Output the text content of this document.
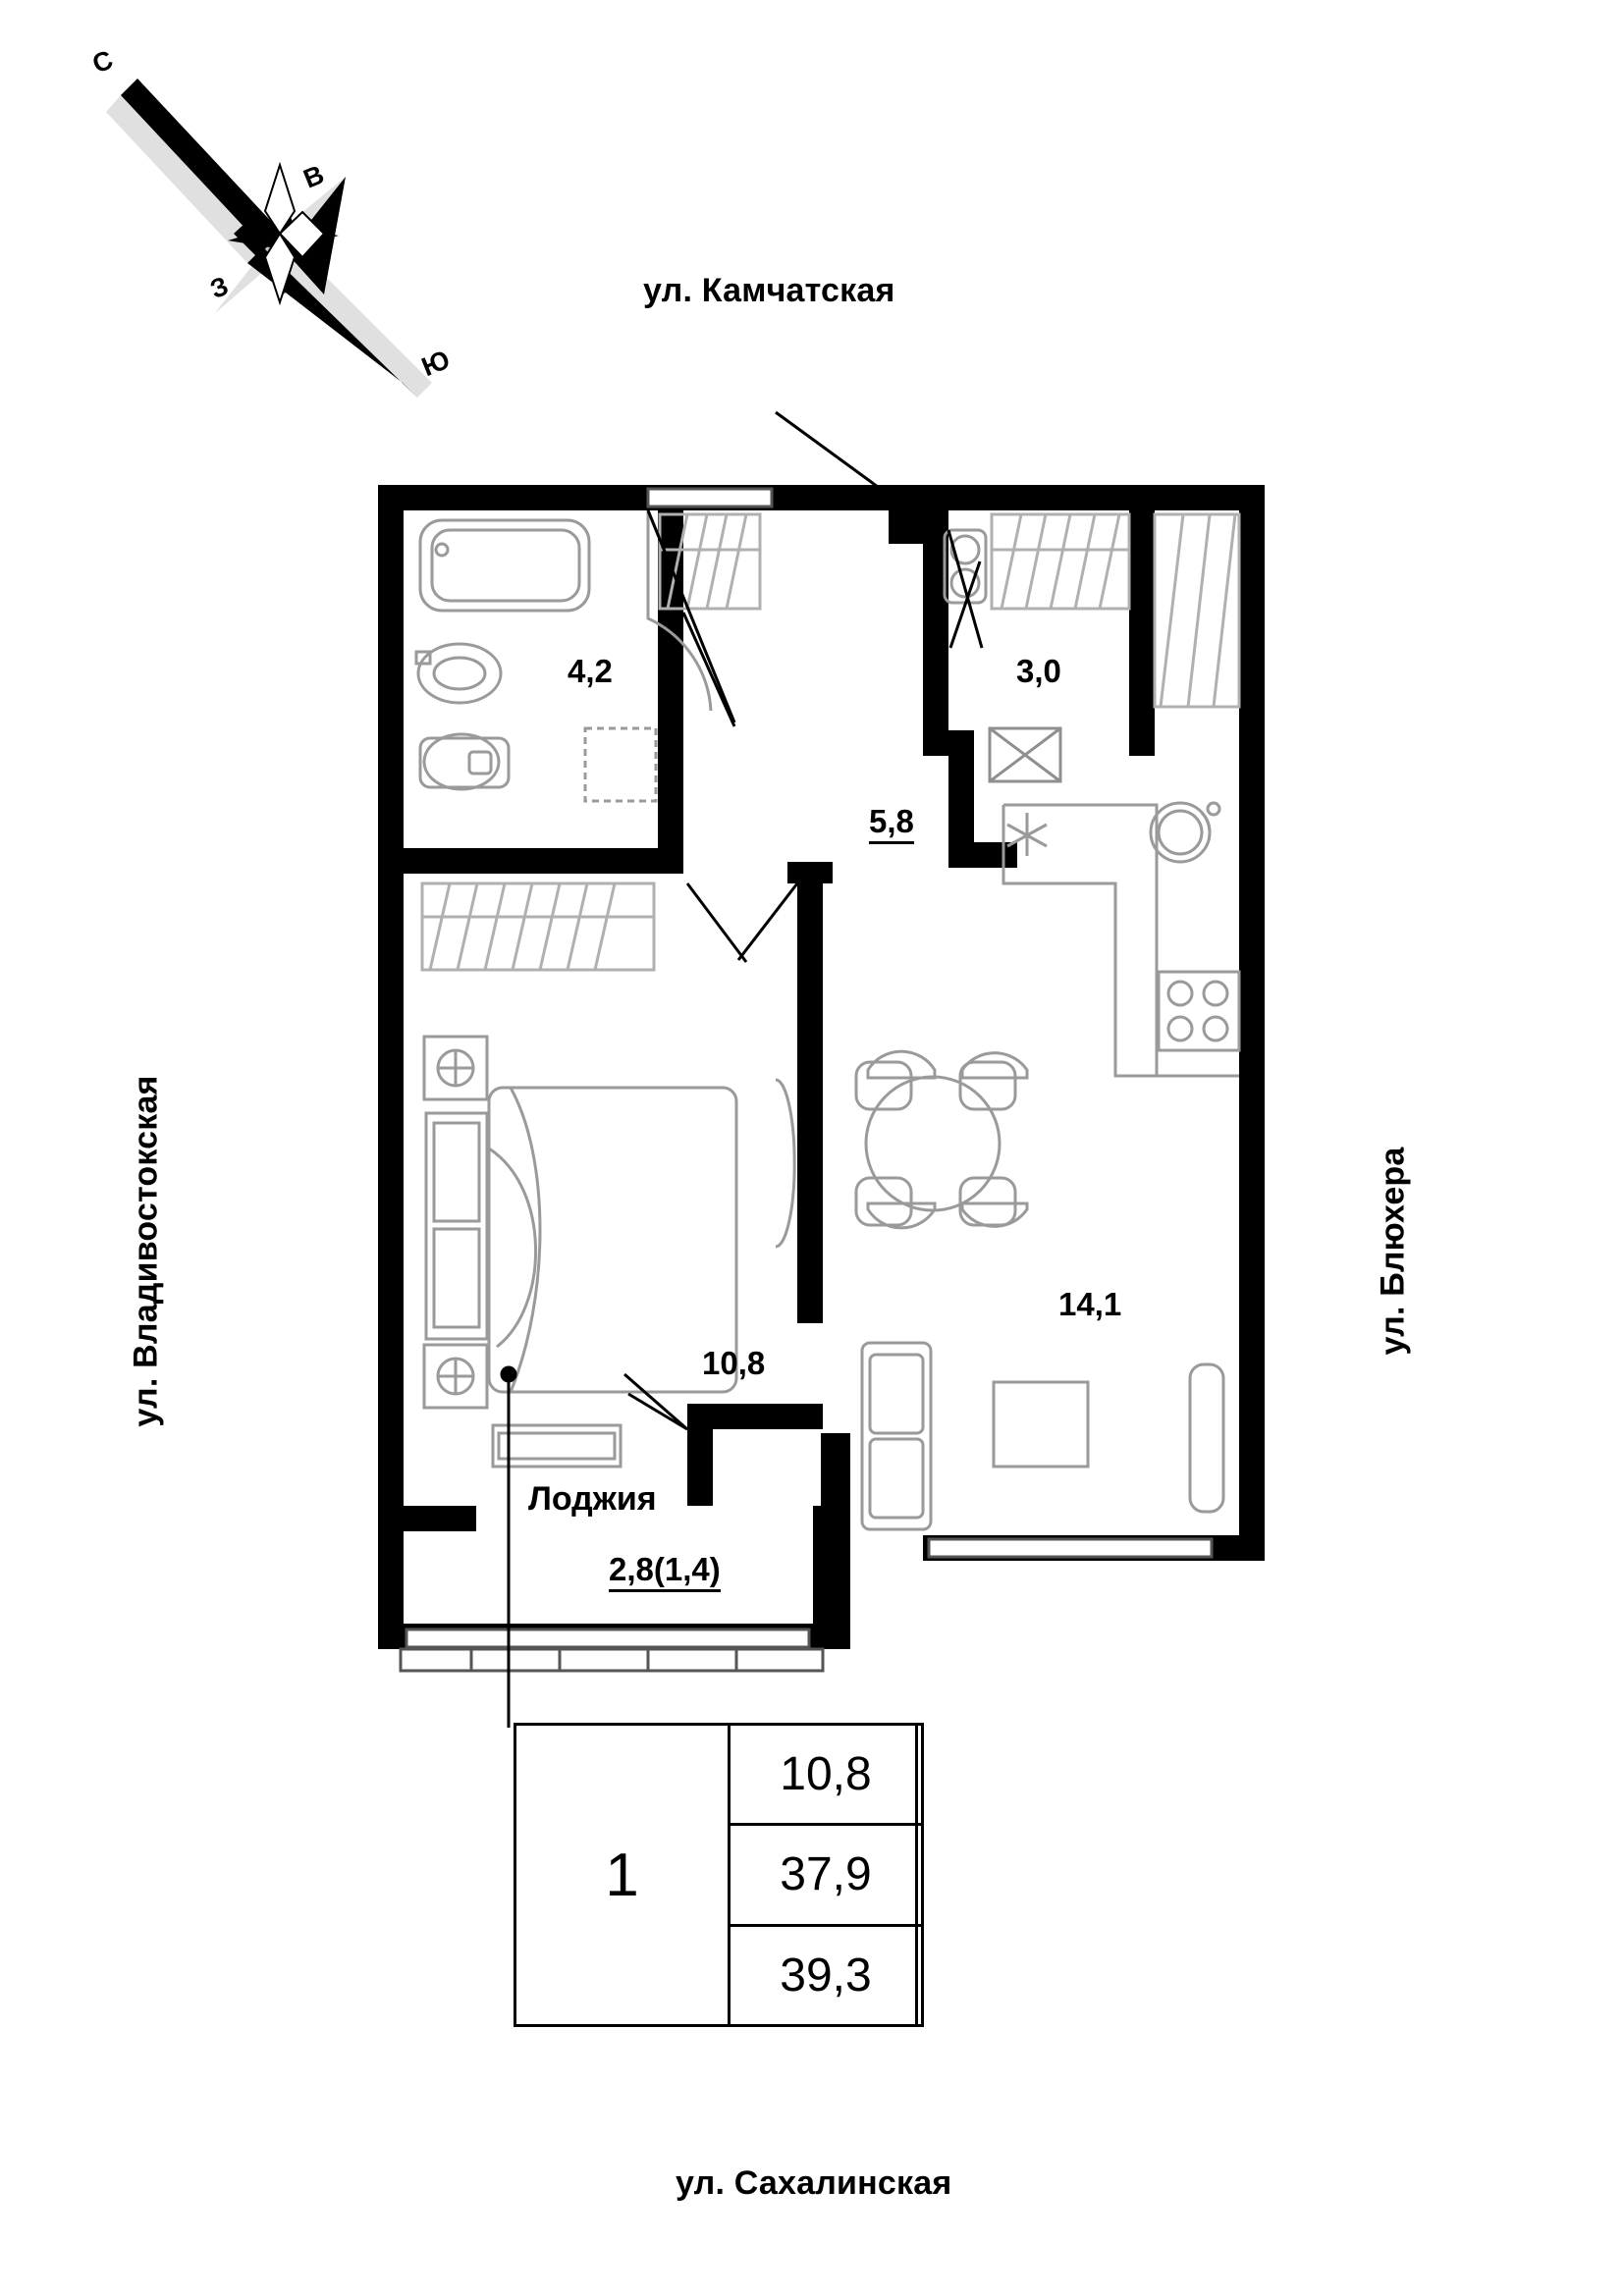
ул. Камчатская
ул. Сахалинская
ул. Владивостокская	ул. Блюхера
С
В
З
Ю
4,2	3,0
5,8
14,1
10,8
Лоджия
2,8(1,4)
1
10,8
37,9
39,3
